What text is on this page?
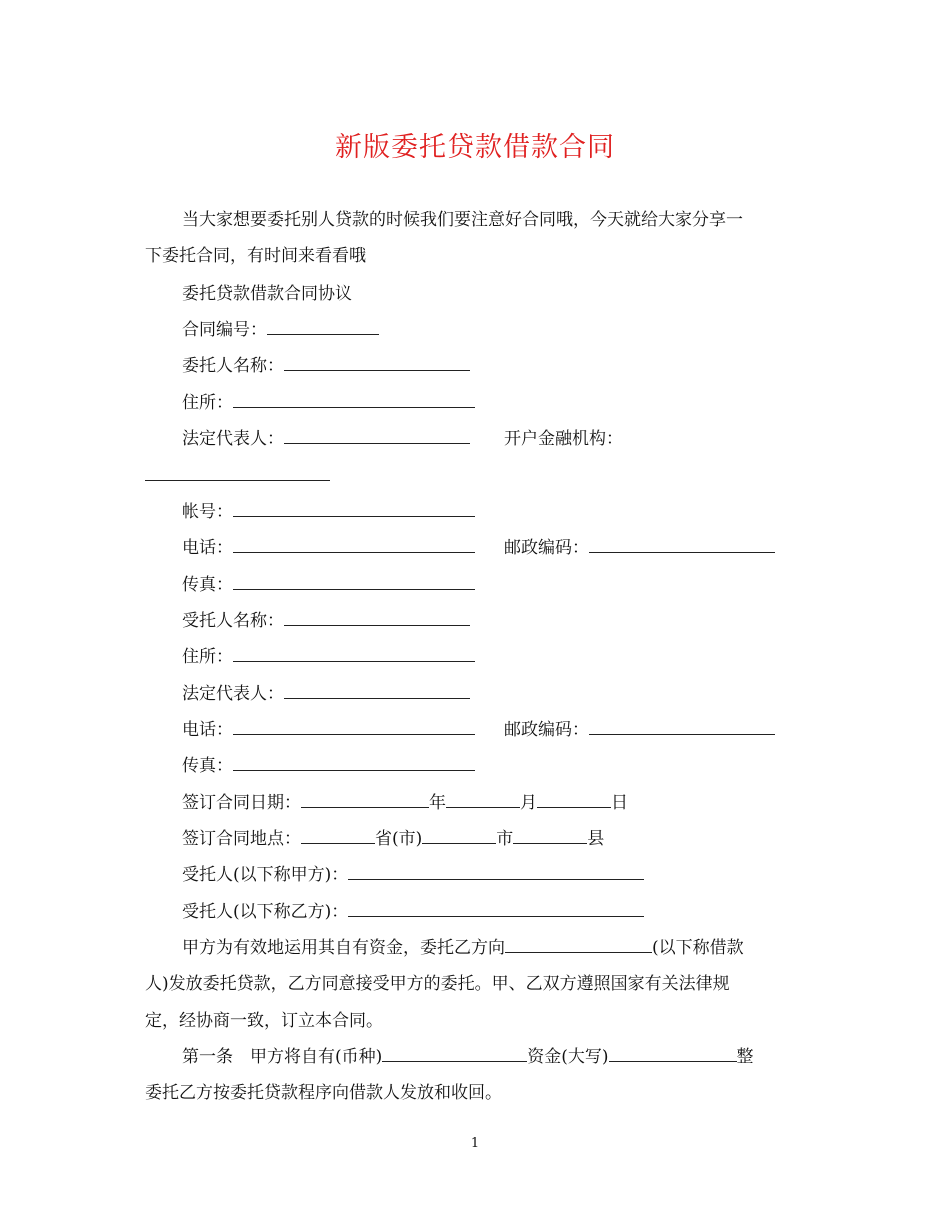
新版委托贷款借款合同
当大家想要委托别人贷款的时候我们要注意好合同哦，今天就给大家分享一
下委托合同，有时间来看看哦
委托贷款借款合同协议
合同编号：
委托人名称：
住所：
法定代表人：	开户金融机构：
帐号：
电话：	邮政编码：
传真：
受托人名称：
住所：
法定代表人：
电话：	邮政编码：
传真：
签订合同日期：	年	月	日
签订合同地点：	省(市)	市	县
受托人(以下称甲方)：
受托人(以下称乙方)：
甲方为有效地运用其自有资金，委托乙方向	(以下称借款
人)发放委托贷款，乙方同意接受甲方的委托。甲、乙双方遵照国家有关法律规
定，经协商一致，订立本合同。
第一条　甲方将自有(币种)	资金(大写)	整
委托乙方按委托贷款程序向借款人发放和收回。
1
